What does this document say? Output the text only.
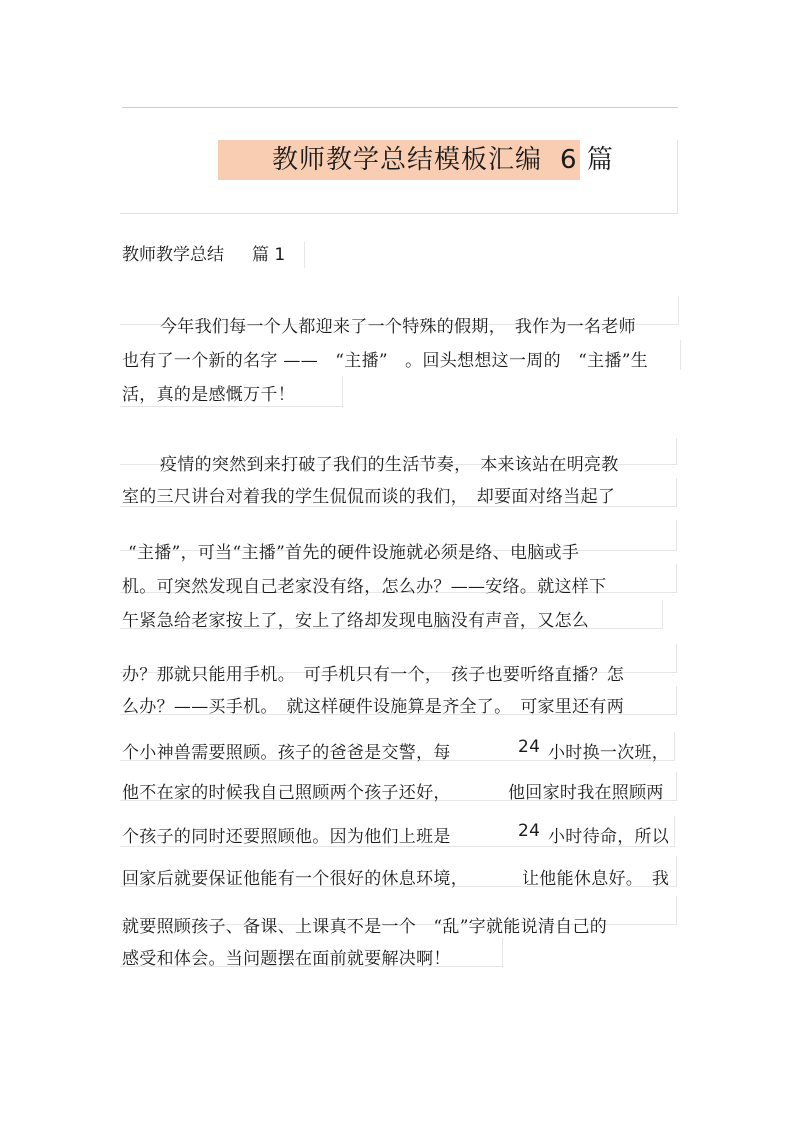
教师教学总结模板汇编 6 篇
教师教学总结 篇 1
今年我们每一个人都迎来了一个特殊的假期，　我作为一名老师
也有了一个新的名字 ——　“主播”　。回头想想这一周的　“主播”生
活，真的是感慨万千！
疫情的突然到来打破了我们的生活节奏，　本来该站在明亮教
室的三尺讲台对着我的学生侃侃而谈的我们，　却要面对络当起了
“主播”，可当“主播”首先的硬件设施就必须是络、电脑或手
机。可突然发现自己老家没有络，怎么办？——安络。就这样下
午紧急给老家按上了，安上了络却发现电脑没有声音，又怎么
办？那就只能用手机。　可手机只有一个，　孩子也要听络直播？怎
么办？——买手机。　就这样硬件设施算是齐全了。　可家里还有两
个小神兽需要照顾。孩子的爸爸是交警，每	24 小时换一次班，
他不在家的时候我自己照顾两个孩子还好，	他回家时我在照顾两
个孩子的同时还要照顾他。因为他们上班是	24 小时待命，所以
回家后就要保证他能有一个很好的休息环境，	让他能休息好。　我
就要照顾孩子、备课、上课真不是一个　“乱”字就能说清自己的
感受和体会。当问题摆在面前就要解决啊！
